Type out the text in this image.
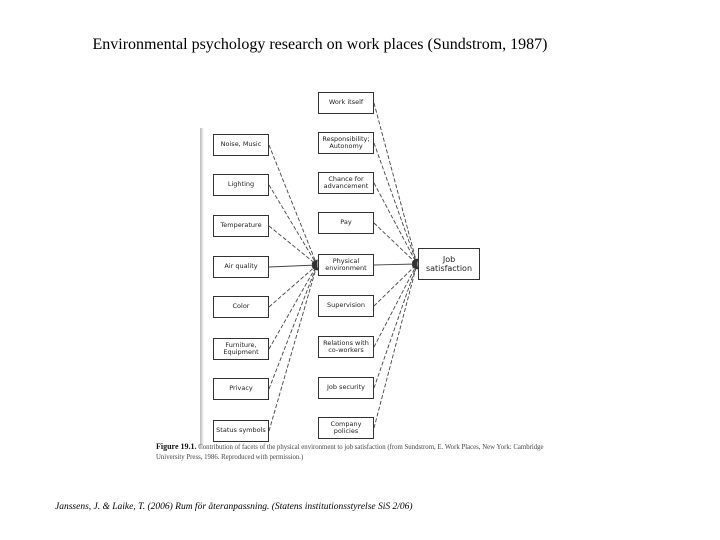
Environmental psychology research on work places (Sundstrom, 1987)
Noise, Music
Lighting
Temperature
Air quality
Color
Furniture, Equipment
Privacy
Status symbols
Work itself
Responsibility; Autonomy
Chance for advancement
Pay
Physical environment
Supervision
Relations with co-workers
Job security
Company policies
Job satisfaction
Figure 19.1. Contribution of facets of the physical environment to job satisfaction (from Sundstrom, E. Work Places, New York: Cambridge University Press, 1986. Reproduced with permission.)
Janssens, J. & Laike, T. (2006) Rum för återanpassning. (Statens institutionsstyrelse SiS 2/06)
